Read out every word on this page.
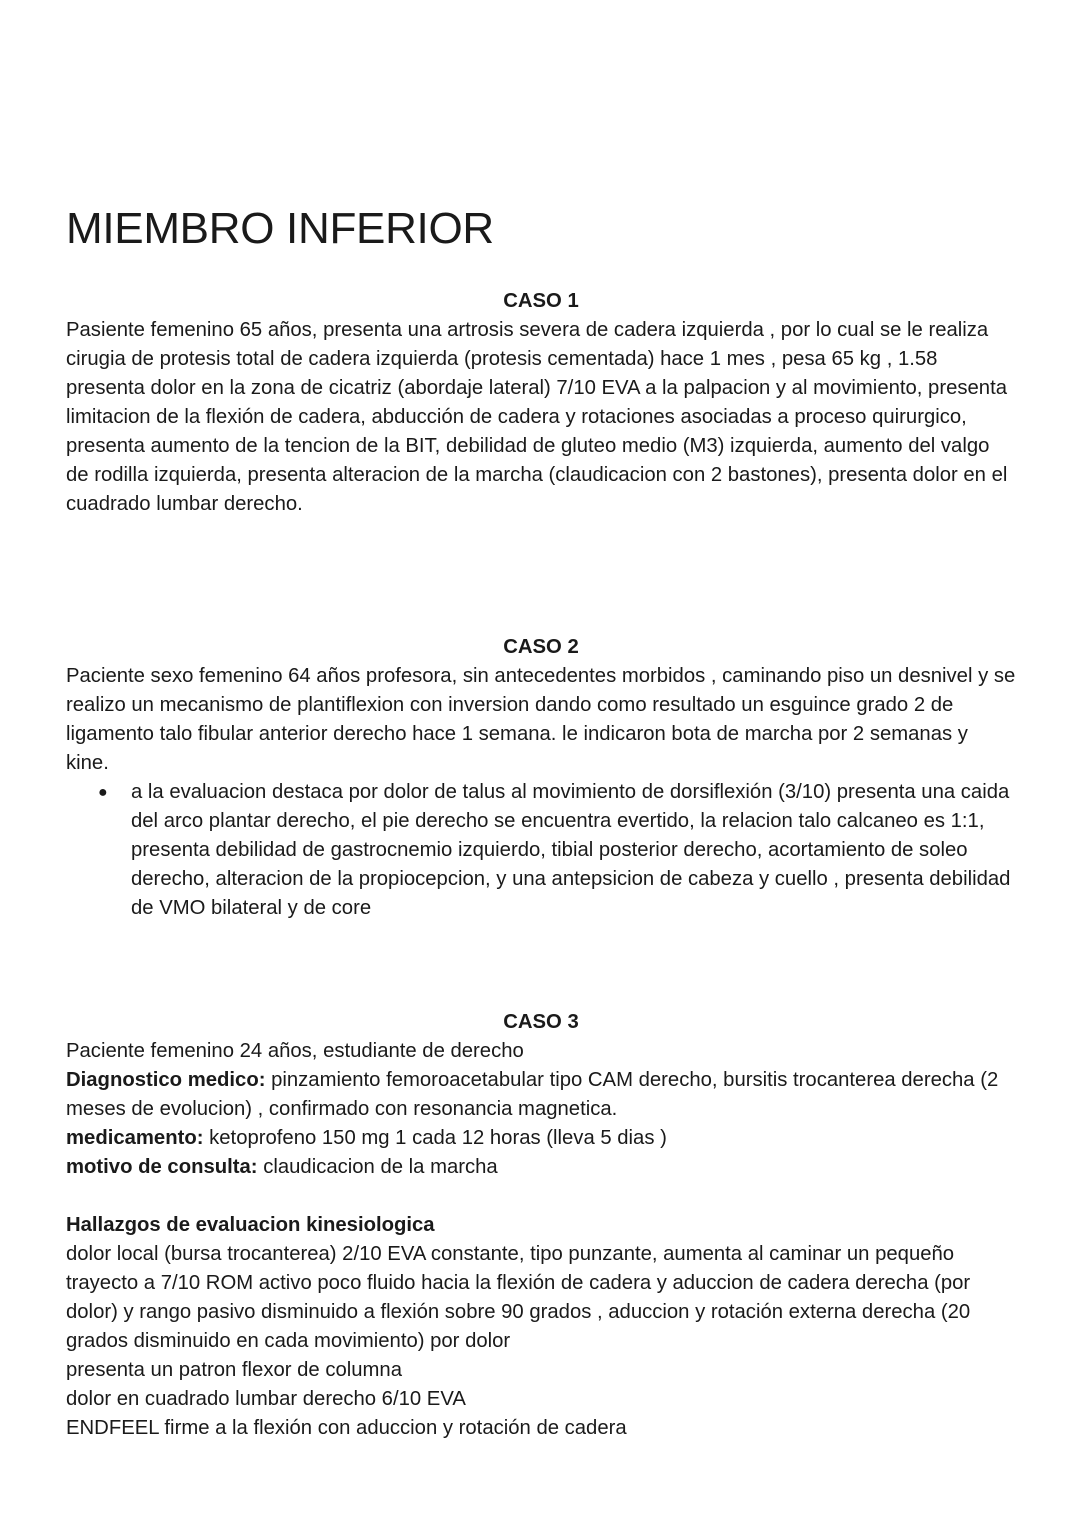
MIEMBRO INFERIOR
CASO 1

Pasiente femenino 65 años, presenta una artrosis severa de cadera izquierda , por lo cual se le realiza cirugia de protesis total de cadera izquierda (protesis cementada) hace 1 mes , pesa 65 kg , 1.58

presenta dolor en la zona de cicatriz (abordaje lateral) 7/10 EVA a la palpacion y al movimiento, presenta limitacion de la flexión de cadera, abducción de cadera y rotaciones asociadas a proceso quirurgico, presenta aumento de la tencion de la BIT, debilidad de gluteo medio (M3) izquierda, aumento del valgo de rodilla izquierda, presenta alteracion de la marcha (claudicacion con 2 bastones), presenta dolor en el cuadrado lumbar derecho.

CASO 2

Paciente sexo femenino 64 años profesora, sin antecedentes morbidos , caminando piso un desnivel y se realizo un mecanismo de plantiflexion con inversion dando como resultado un esguince grado 2 de ligamento talo fibular anterior derecho hace 1 semana. le indicaron bota de marcha por 2 semanas y kine.

● a la evaluacion destaca por dolor de talus al movimiento de dorsiflexión (3/10) presenta una caida del arco plantar derecho, el pie derecho se encuentra evertido, la relacion talo calcaneo es 1:1, presenta debilidad de gastrocnemio izquierdo, tibial posterior derecho, acortamiento de soleo derecho, alteracion de la propiocepcion, y una antepsicion de cabeza y cuello , presenta debilidad de VMO bilateral y de core
CASO 3

Paciente femenino 24 años, estudiante de derecho

Diagnostico medico: pinzamiento femoroacetabular tipo CAM derecho, bursitis trocanterea derecha (2 meses de evolucion) , confirmado con resonancia magnetica.

medicamento: ketoprofeno 150 mg 1 cada 12 horas (lleva 5 dias )

motivo de consulta: claudicacion de la marcha

Hallazgos de evaluacion kinesiologica

dolor local (bursa trocanterea) 2/10 EVA constante, tipo punzante, aumenta al caminar un pequeño trayecto a 7/10 ROM activo poco fluido hacia la flexión de cadera y aduccion de cadera derecha (por dolor) y rango pasivo disminuido a flexión sobre 90 grados , aduccion y rotación externa derecha (20 grados disminuido en cada movimiento) por dolor

presenta un patron flexor de columna

dolor en cuadrado lumbar derecho 6/10 EVA

ENDFEEL firme a la flexión con aduccion y rotación de cadera
